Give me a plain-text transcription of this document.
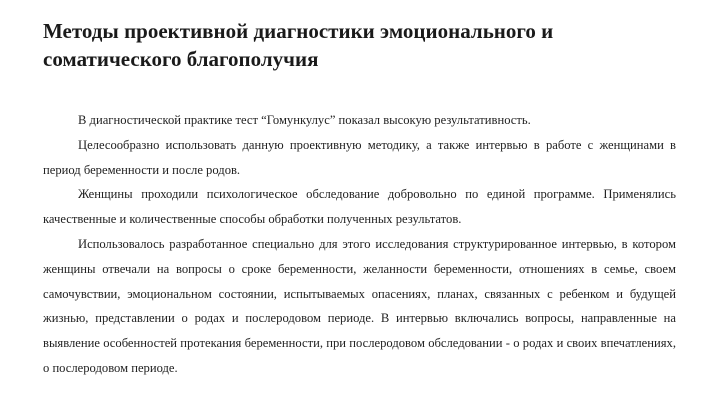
Методы проективной диагностики эмоционального и соматического благополучия

В диагностической практике тест “Гомункулус” показал высокую результативность.

Целесообразно использовать данную проективную методику, а также интервью в работе с женщинами в период беременности и после родов.

Женщины проходили психологическое обследование добровольно по единой программе. Применялись качественные и количественные способы обработки полученных результатов.

Использовалось разработанное специально для этого исследования структурированное интервью, в котором женщины отвечали на вопросы о сроке беременности, желанности беременности, отношениях в семье, своем самочувствии, эмоциональном состоянии, испытываемых опасениях, планах, связанных с ребенком и будущей жизнью, представлении о родах и послеродовом периоде. В интервью включались вопросы, направленные на выявление особенностей протекания беременности, при послеродовом обследовании - о родах и своих впечатлениях, о послеродовом периоде.
